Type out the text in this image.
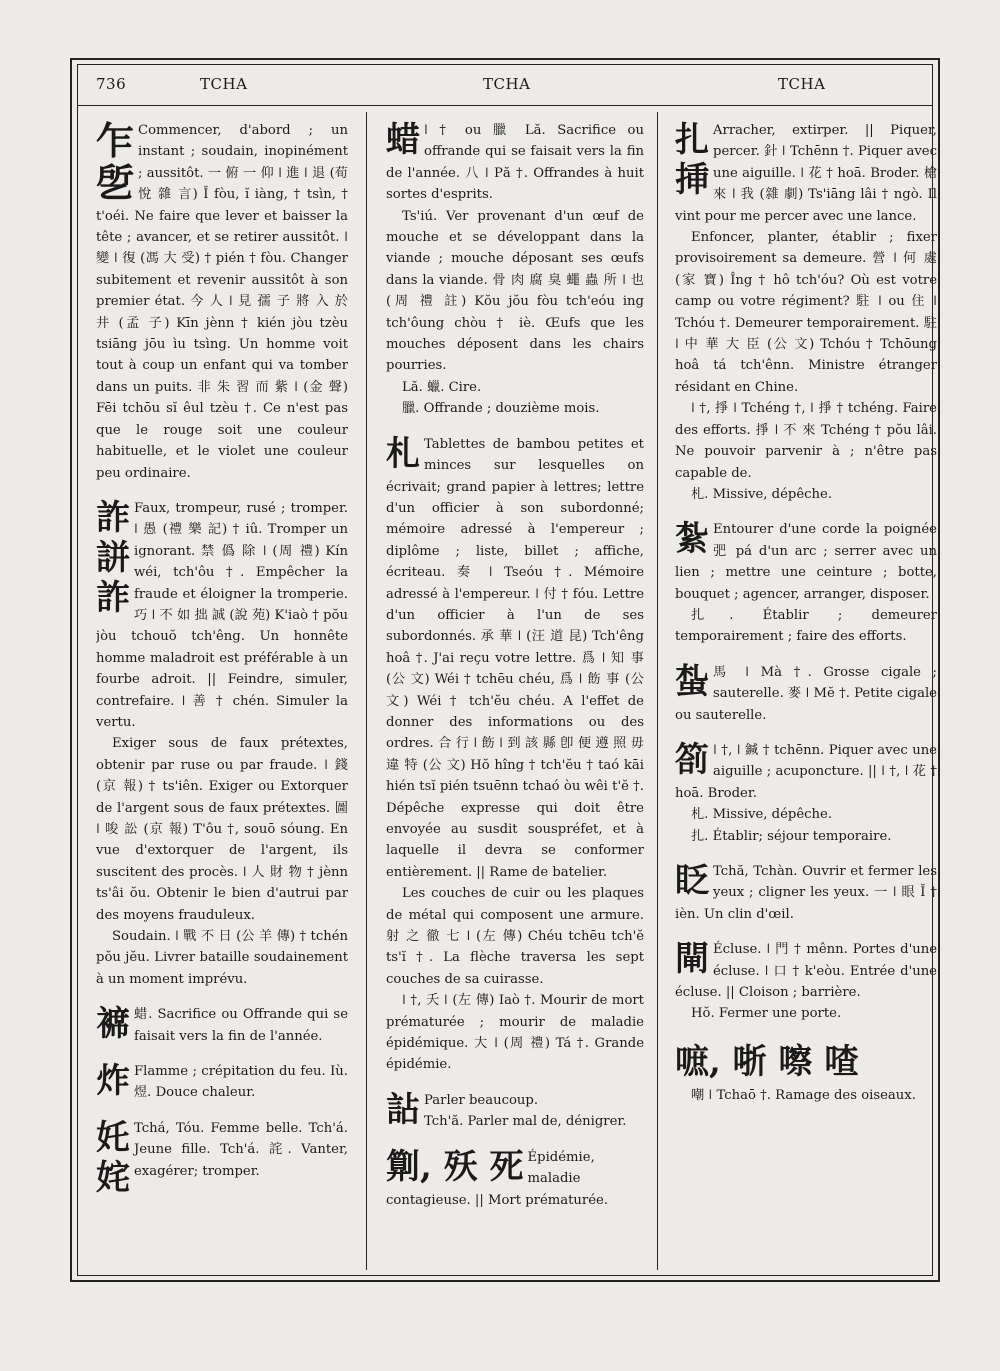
736	TCHA	TCHA	TCHA
乍
乺

Commencer, d'abord ; un instant ; soudain, inopinément ; aussitôt. 一 俯 一 仰 ǀ 進 ǀ 退 (荀 悅 雜 言) Ĭ fòu, ĭ iàng, † tsìn, † t'oéi. Ne faire que lever et baisser la tête ; avancer, et se retirer aussitôt. ǀ 變 ǀ 復 (馮 大 受) † pién † fòu. Changer subitement et revenir aussitôt à son premier état. 今 人 ǀ 見 孺 子 將 入 於 井 (孟 子) Kīn jènn † kién jòu tzèu tsiāng jōu ìu tsìng. Un homme voit tout à coup un enfant qui va tomber dans un puits. 非 朱 習 而 紫 ǀ (金 聲) Fēi tchōu sĭ êul tzèu †. Ce n'est pas que le rouge soit une couleur habituelle, et le violet une couleur peu ordinaire.

詐
誁
詐

Faux, trompeur, rusé ; tromper. ǀ 愚 (禮 樂 記) † iû. Tromper un ignorant. 禁 僞 除 ǀ (周 禮) Kín wéi, tch'ôu †. Empêcher la fraude et éloigner la tromperie. 巧 ǀ 不 如 拙 誠 (說 苑) K'iaò † pŏu jòu tchouŏ tch'êng. Un honnête homme maladroit est préférable à un fourbe adroit. || Feindre, simuler, contrefaire. ǀ 善 † chén. Simuler la vertu.

Exiger sous de faux prétextes, obtenir par ruse ou par fraude. ǀ 錢 (京 報) † ts'iên. Exiger ou Extorquer de l'argent sous de faux prétextes. 圖 ǀ 唆 訟 (京 報) T'ôu †, souō sóung. En vue d'extorquer de l'argent, ils suscitent des procès. ǀ 人 財 物 † jènn ts'âi ŏu. Obtenir le bien d'autrui par des moyens frauduleux.

Soudain. ǀ 戰 不 日 (公 羊 傳) † tchén pŏu jĕu. Livrer bataille soudainement à un moment imprévu.

褯 蜡. Sacrifice ou Offrande qui se faisait vers la fin de l'année.

炸 Flamme ; crépitation du feu. Iù. 煜. Douce chaleur.

奼
姹

Tchá, Tóu. Femme belle. Tch'á. Jeune fille. Tch'á. 詫. Vanter, exagérer; tromper.

蜡 ǀ † ou 臘 Lă. Sacrifice ou offrande qui se faisait vers la fin de l'année. 八 ǀ Pă †. Offrandes à huit sortes d'esprits.

Ts'iú. Ver provenant d'un œuf de mouche et se développant dans la viande ; mouche déposant ses œufs dans la viande. 骨 肉 腐 臭 蠅 蟲 所 ǀ 也 (周 禮 註) Kŏu jŏu fòu tch'eóu ing tch'ôung chòu † iè. Œufs que les mouches déposent dans les chairs pourries.

Lă. 蠟. Cire.

臘. Offrande ; douzième mois.

札 Tablettes de bambou petites et minces sur lesquelles on écrivait; grand papier à lettres; lettre d'un officier à son subordonné; mémoire adressé à l'empereur ; diplôme ; liste, billet ; affiche, écriteau. 奏 ǀ Tseóu †. Mémoire adressé à l'empereur. ǀ 付 † fóu. Lettre d'un officier à l'un de ses subordonnés. 承 華 ǀ (汪 道 昆) Tch'êng hoâ †. J'ai reçu votre lettre. 爲 ǀ 知 事 (公 文) Wéi † tchēu chéu, 爲 ǀ 飭 事 (公 文) Wéi † tch'ĕu chéu. A l'effet de donner des informations ou des ordres. 合 行 ǀ 飭 ǀ 到 該 縣 卽 便 遵 照 毋 違 特 (公 文) Hŏ hîng † tch'ĕu † taó kāi hién tsĭ pién tsuēnn tchaó òu wêi t'ĕ †. Dépêche expresse qui doit être envoyée au susdit souspréfet, et à laquelle il devra se conformer entièrement. || Rame de batelier.

Les couches de cuir ou les plaques de métal qui composent une armure. 射 之 徹 七 ǀ (左 傳) Chéu tchēu tch'ĕ ts'ĭ †. La flèche traversa les sept couches de sa cuirasse.

ǀ †, 夭 ǀ (左 傳) Iaò †. Mourir de mort prématurée ; mourir de maladie épidémique. 大 ǀ (周 禮) Tá †. Grande épidémie.

詀 Parler beaucoup.

Tch'ă. Parler mal de, dénigrer.

㔍, 殀 死 Épidémie, maladie contagieuse. || Mort prématurée.

扎
挿

Arracher, extirper. || Piquer, percer. 針 ǀ Tchēnn †. Piquer avec une aiguille. ǀ 花 † hoā. Broder. 槍 來 ǀ 我 (雜 劇) Ts'iāng lâi † ngò. Il vint pour me percer avec une lance.

Enfoncer, planter, établir ; fixer provisoirement sa demeure. 營 ǀ 何 處 (家 寶) Îng † hô tch'óu? Où est votre camp ou votre régiment? 駐 ǀ ou 住 ǀ Tchóu †. Demeurer temporairement. 駐 ǀ 中 華 大 臣 (公 文) Tchóu † Tchōung hoâ tá tch'ênn. Ministre étranger résidant en Chine.

ǀ †, 掙 ǀ Tchéng †, ǀ 掙 † tchéng. Faire des efforts. 掙 ǀ 不 來 Tchéng † pŏu lâi. Ne pouvoir parvenir à ; n'être pas capable de.

札. Missive, dépêche.

紮 Entourer d'une corde la poignée 弝 pá d'un arc ; serrer avec un lien ; mettre une ceinture ; botte, bouquet ; agencer, arranger, disposer.

扎. Établir ; demeurer temporairement ; faire des efforts.

蚻 馬 ǀ Mà †. Grosse cigale ; sauterelle. 麥 ǀ Mĕ †. Petite cigale ou sauterelle.

箚 ǀ †, ǀ 鍼 † tchēnn. Piquer avec une aiguille ; acuponcture. || ǀ †, ǀ 花 † hoā. Broder.

札. Missive, dépêche.

扎. Établir; séjour temporaire.

眨 Tchă, Tchàn. Ouvrir et fermer les yeux ; cligner les yeux. 一 ǀ 眼 Ĭ † ièn. Un clin d'œil.

閘 Écluse. ǀ 門 † mênn. Portes d'une écluse. ǀ 口 † k'eòu. Entrée d'une écluse. || Cloison ; barrière.

Hŏ. Fermer une porte.

嗻, 哳 嚓 喳

嘲 ǀ Tchaō †. Ramage des oiseaux.
